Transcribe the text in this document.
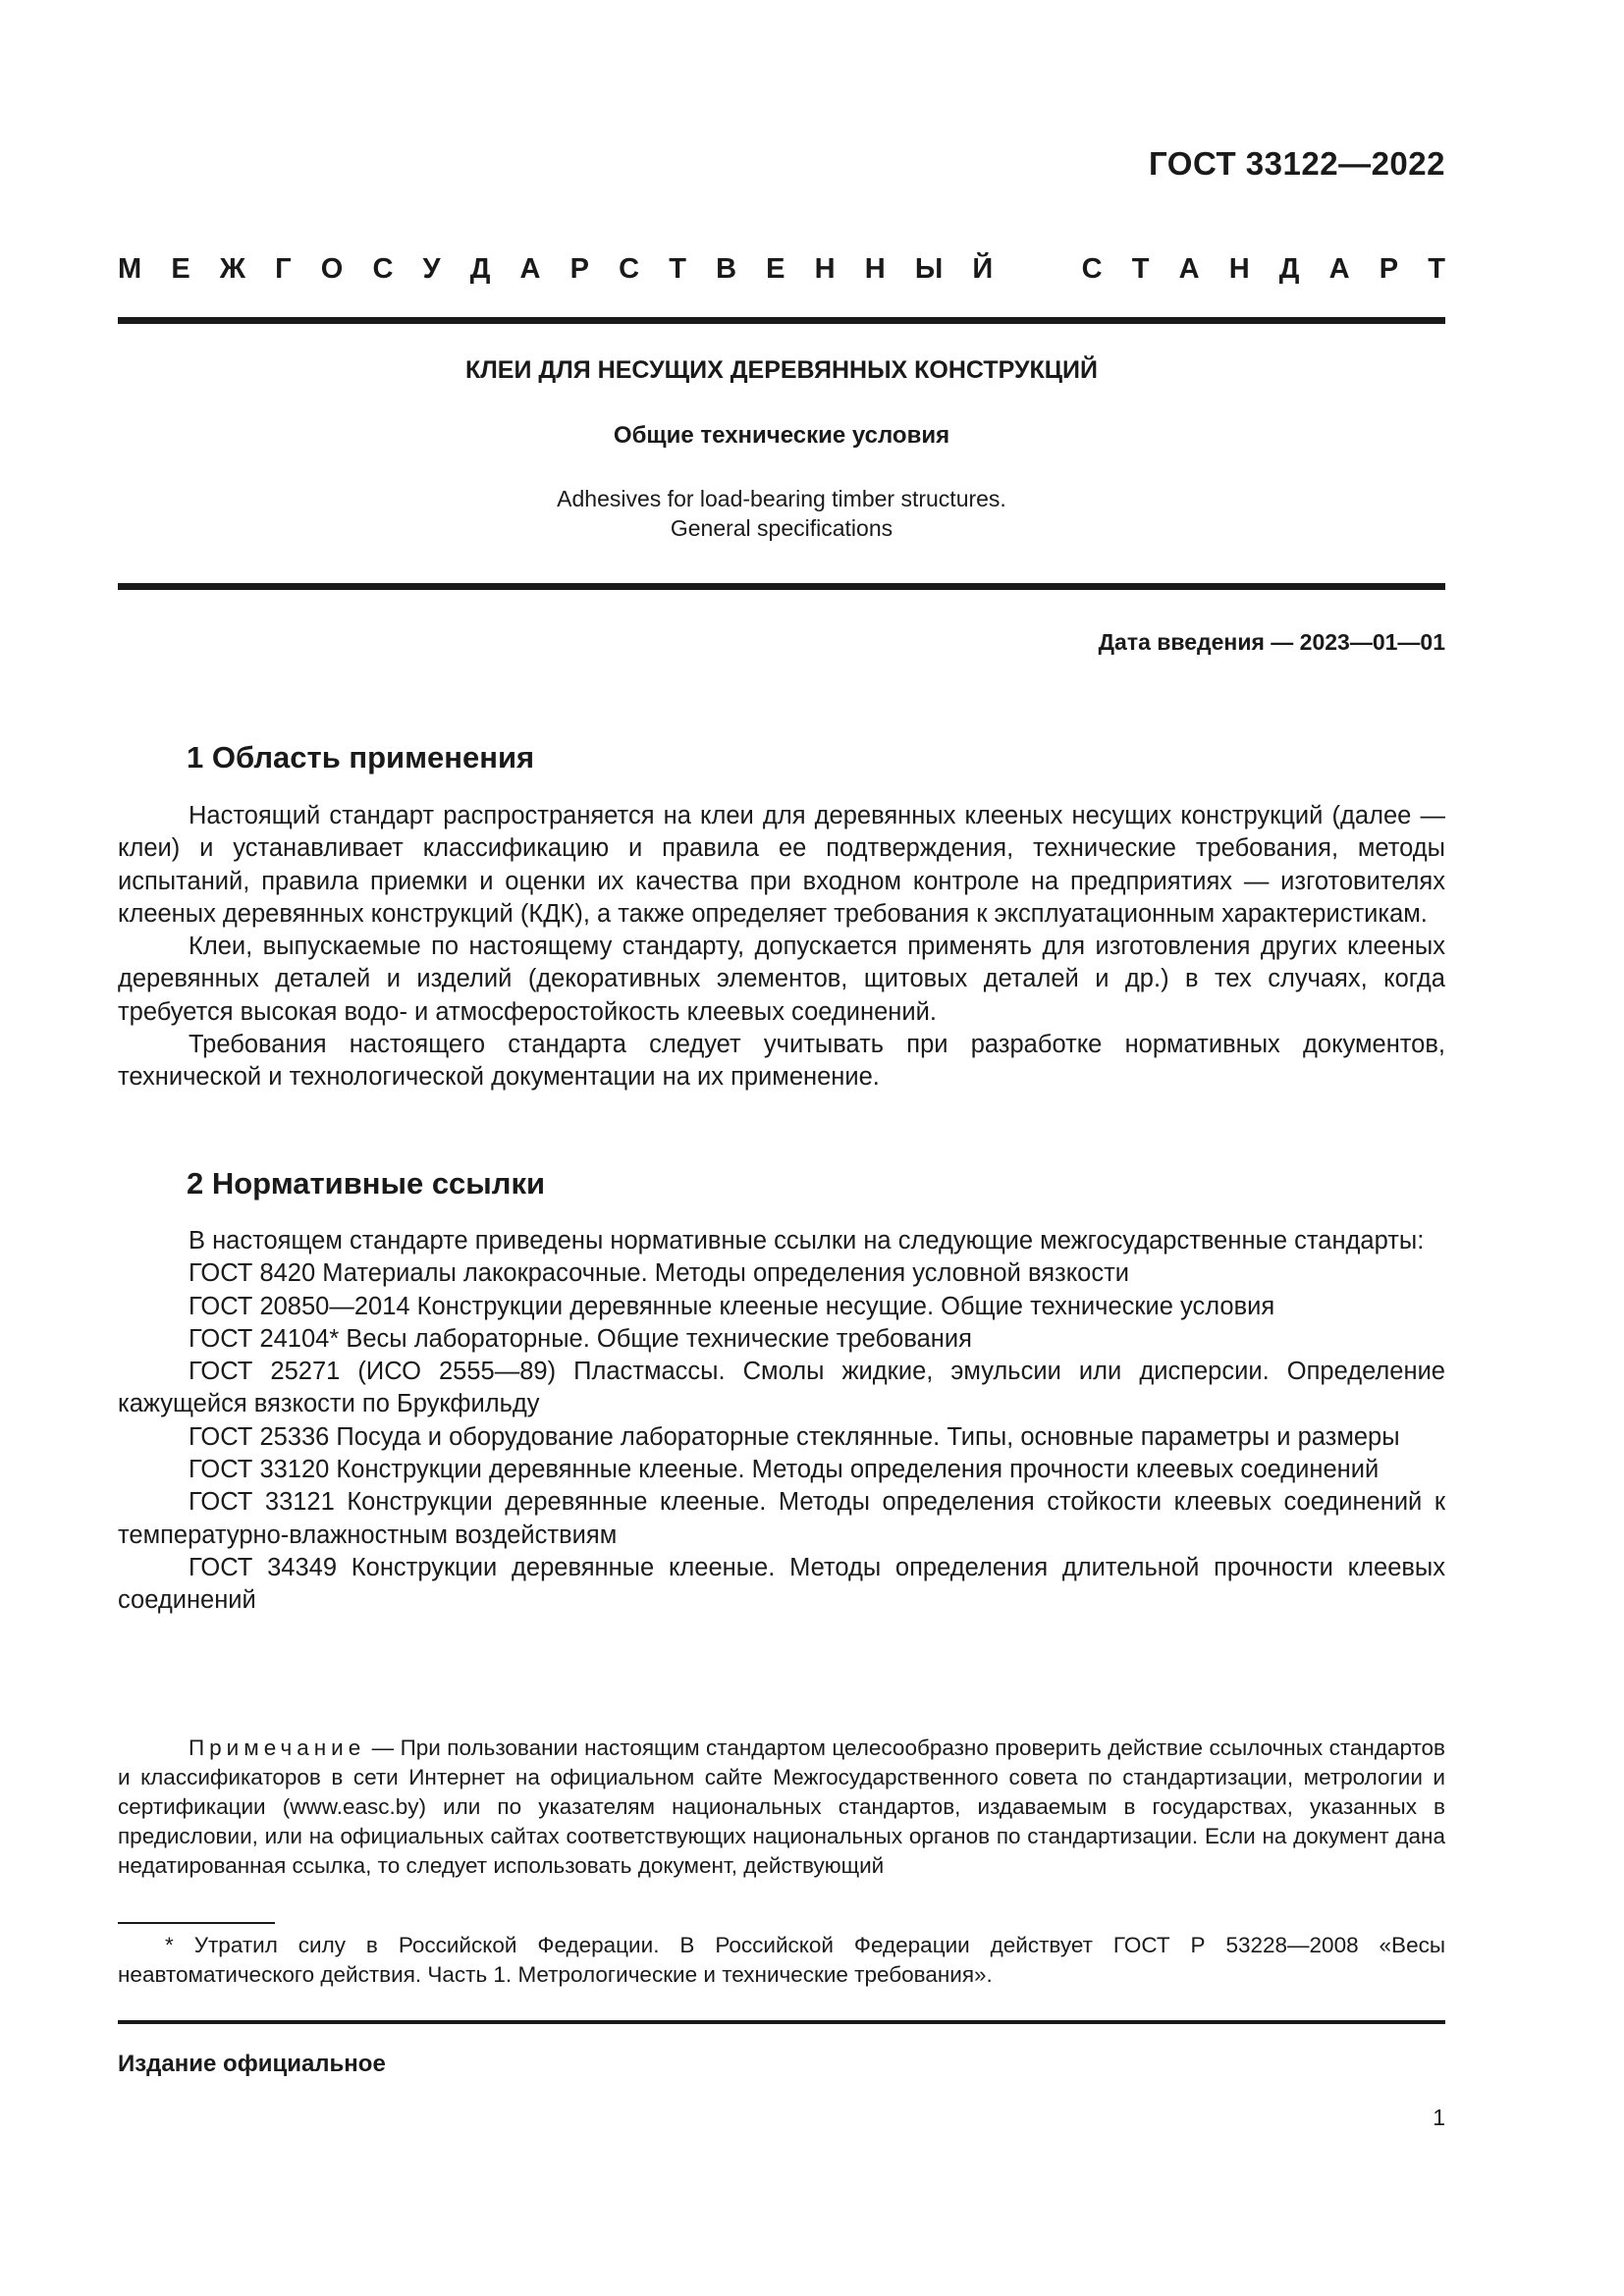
ГОСТ 33122—2022
М Е Ж Г О С У Д А Р С Т В Е Н Н Ы Й	С Т А Н Д А Р Т
КЛЕИ ДЛЯ НЕСУЩИХ ДЕРЕВЯННЫХ КОНСТРУКЦИЙ
Общие технические условия
Adhesives for load-bearing timber structures.
General specifications
Дата введения — 2023—01—01
1 Область применения

Настоящий стандарт распространяется на клеи для деревянных клееных несущих конструкций (далее — клеи) и устанавливает классификацию и правила ее подтверждения, технические требования, методы испытаний, правила приемки и оценки их качества при входном контроле на предприятиях — изготовителях клееных деревянных конструкций (КДК), а также определяет требования к эксплуатационным характеристикам.

Клеи, выпускаемые по настоящему стандарту, допускается применять для изготовления других клееных деревянных деталей и изделий (декоративных элементов, щитовых деталей и др.) в тех случаях, когда требуется высокая водо- и атмосферостойкость клеевых соединений.

Требования настоящего стандарта следует учитывать при разработке нормативных документов, технической и технологической документации на их применение.

2 Нормативные ссылки

В настоящем стандарте приведены нормативные ссылки на следующие межгосударственные стандарты:

ГОСТ 8420 Материалы лакокрасочные. Методы определения условной вязкости

ГОСТ 20850—2014 Конструкции деревянные клееные несущие. Общие технические условия

ГОСТ 24104* Весы лабораторные. Общие технические требования

ГОСТ 25271 (ИСО 2555—89) Пластмассы. Смолы жидкие, эмульсии или дисперсии. Определение кажущейся вязкости по Брукфильду

ГОСТ 25336 Посуда и оборудование лабораторные стеклянные. Типы, основные параметры и размеры

ГОСТ 33120 Конструкции деревянные клееные. Методы определения прочности клеевых соединений

ГОСТ 33121 Конструкции деревянные клееные. Методы определения стойкости клеевых соединений к температурно-влажностным воздействиям

ГОСТ 34349 Конструкции деревянные клееные. Методы определения длительной прочности клеевых соединений

Примечание — При пользовании настоящим стандартом целесообразно проверить действие ссылочных стандартов и классификаторов в сети Интернет на официальном сайте Межгосударственного совета по стандартизации, метрологии и сертификации (www.easc.by) или по указателям национальных стандартов, издаваемым в государствах, указанных в предисловии, или на официальных сайтах соответствующих национальных органов по стандартизации. Если на документ дана недатированная ссылка, то следует использовать документ, действующий

* Утратил силу в Российской Федерации. В Российской Федерации действует ГОСТ Р 53228—2008 «Весы неавтоматического действия. Часть 1. Метрологические и технические требования».

Издание официальное
1
